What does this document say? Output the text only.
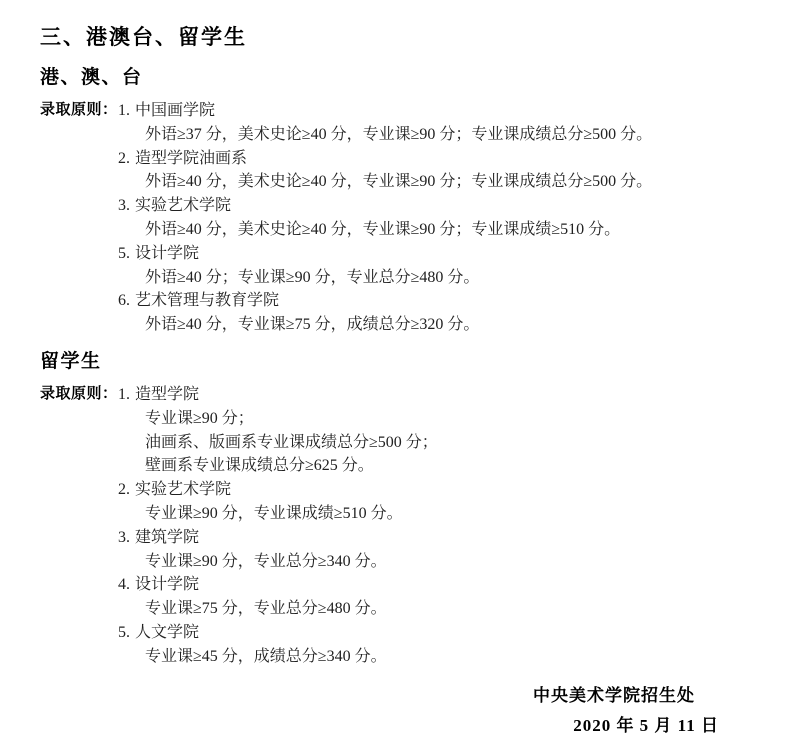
三、港澳台、留学生
港、澳、台
录取原则： 1. 中国画学院
外语≥37 分，美术史论≥40 分，专业课≥90 分；专业课成绩总分≥500 分。
2. 造型学院油画系
外语≥40 分，美术史论≥40 分，专业课≥90 分；专业课成绩总分≥500 分。
3. 实验艺术学院
外语≥40 分，美术史论≥40 分，专业课≥90 分；专业课成绩≥510 分。
5. 设计学院
外语≥40 分；专业课≥90 分，专业总分≥480 分。
6. 艺术管理与教育学院
外语≥40 分，专业课≥75 分，成绩总分≥320 分。
留学生
录取原则： 1. 造型学院
专业课≥90 分；
油画系、版画系专业课成绩总分≥500 分；
壁画系专业课成绩总分≥625 分。
2. 实验艺术学院
专业课≥90 分，专业课成绩≥510 分。
3. 建筑学院
专业课≥90 分，专业总分≥340 分。
4. 设计学院
专业课≥75 分，专业总分≥480 分。
5. 人文学院
专业课≥45 分，成绩总分≥340 分。
中央美术学院招生处
2020 年 5 月 11 日
